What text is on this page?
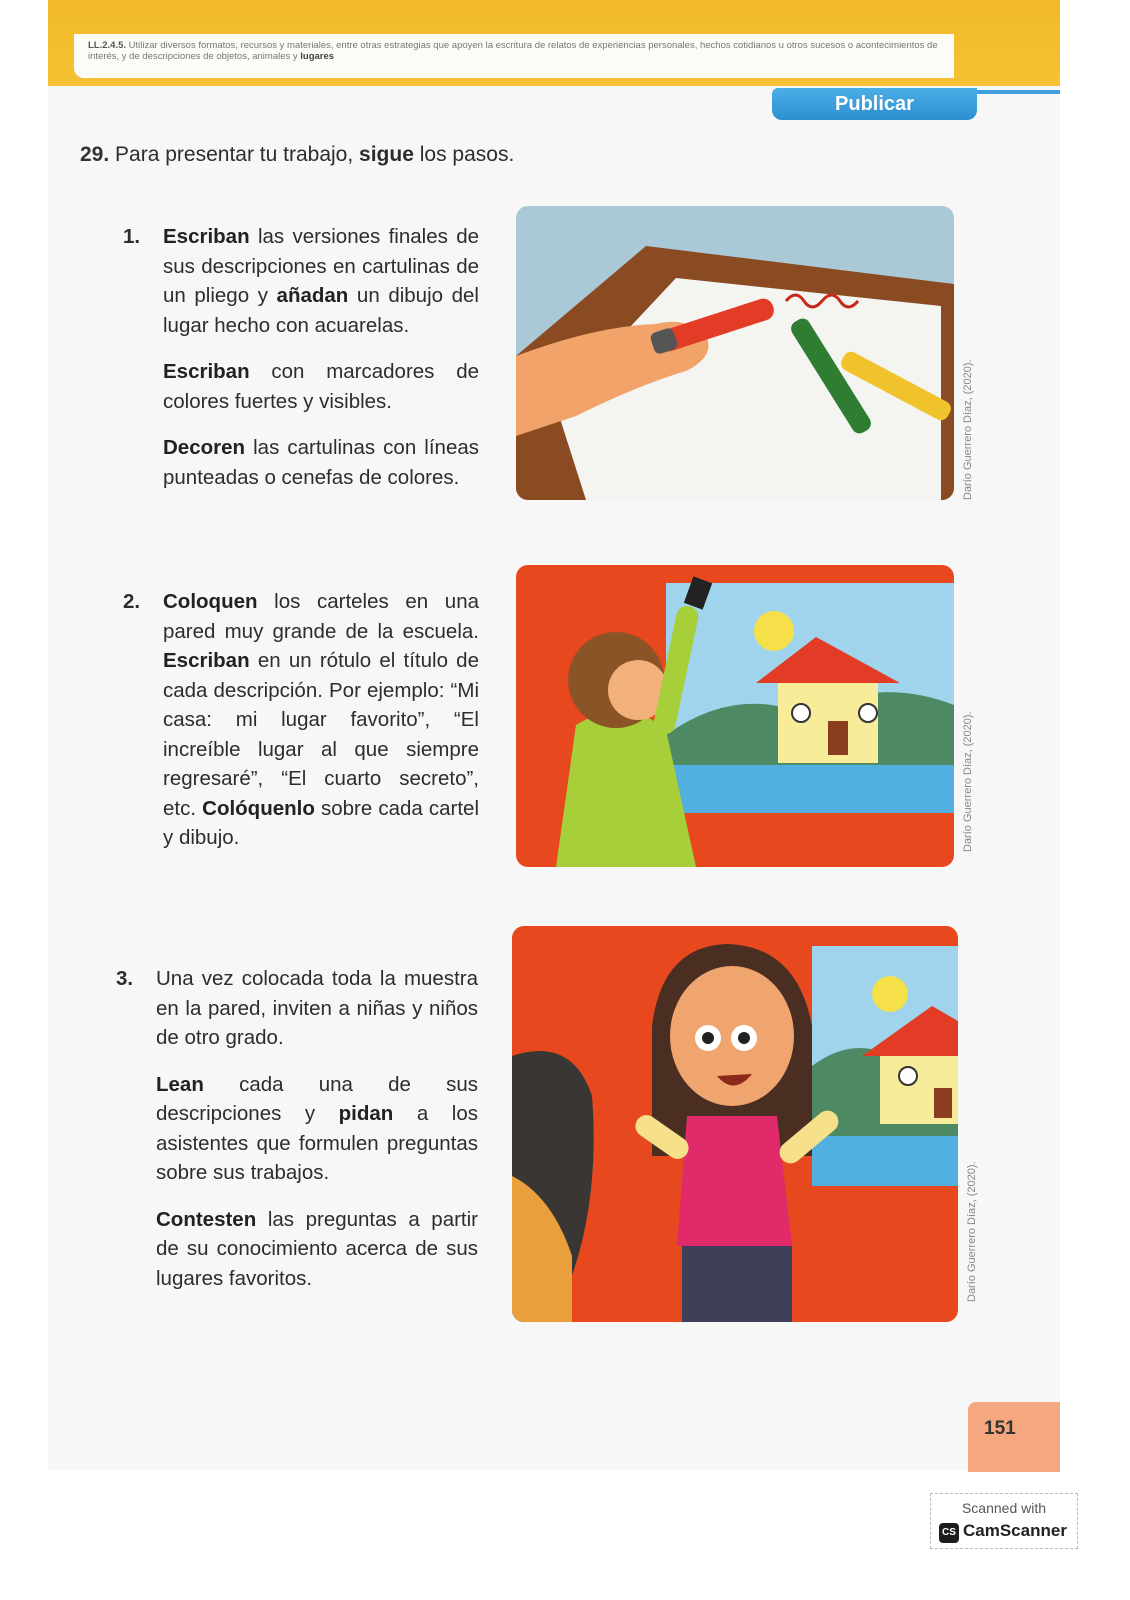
LL.2.4.5. Utilizar diversos formatos, recursos y materiales, entre otras estrategias que apoyen la escritura de relatos de experiencias personales, hechos cotidianos u otros sucesos o acontecimientos de interés, y de descripciones de objetos, animales y lugares
Publicar
29. Para presentar tu trabajo, sigue los pasos.
1. Escriban las versiones finales de sus descripciones en cartulinas de un pliego y añadan un dibujo del lugar hecho con acuarelas.

Escriban con marcadores de colores fuertes y visibles.

Decoren las cartulinas con líneas punteadas o cenefas de colores.

2. Coloquen los carteles en una pared muy grande de la escuela. Escriban en un rótulo el título de cada descripción. Por ejemplo: “Mi casa: mi lugar favorito”, “El increíble lugar al que siempre regresaré”, “El cuarto secreto”, etc. Colóquenlo sobre cada cartel y dibujo.

3. Una vez colocada toda la muestra en la pared, inviten a niñas y niños de otro grado.

Lean cada una de sus descripciones y pidan a los asistentes que formulen preguntas sobre sus trabajos.

Contesten las preguntas a partir de su conocimiento acerca de sus lugares favoritos.

Darío Guerrero Díaz, (2020).
Darío Guerrero Díaz, (2020).
Darío Guerrero Díaz, (2020).
151
Scanned with
CS CamScanner
